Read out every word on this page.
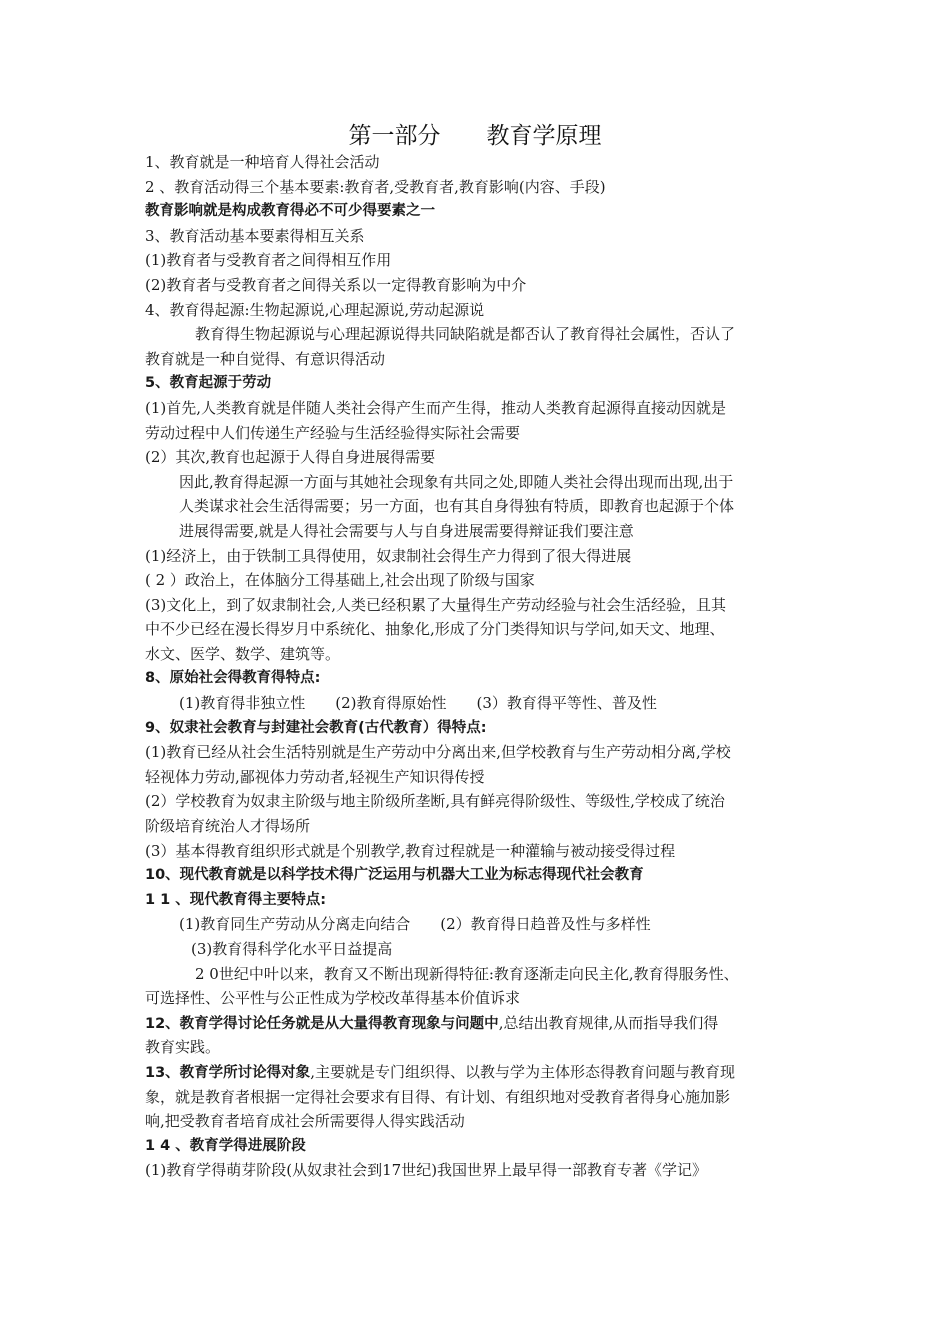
第一部分　　教育学原理
1、教育就是一种培育人得社会活动
2 、教育活动得三个基本要素:教育者,受教育者,教育影响(内容、手段)
教育影响就是构成教育得必不可少得要素之一
3、教育活动基本要素得相互关系
(1)教育者与受教育者之间得相互作用
(2)教育者与受教育者之间得关系以一定得教育影响为中介
4、教育得起源:生物起源说,心理起源说,劳动起源说
教育得生物起源说与心理起源说得共同缺陷就是都否认了教育得社会属性，否认了
教育就是一种自觉得、有意识得活动
5、教育起源于劳动
(1)首先,人类教育就是伴随人类社会得产生而产生得，推动人类教育起源得直接动因就是
劳动过程中人们传递生产经验与生活经验得实际社会需要
(2）其次,教育也起源于人得自身进展得需要
因此,教育得起源一方面与其她社会现象有共同之处,即随人类社会得出现而出现,出于
人类谋求社会生活得需要；另一方面，也有其自身得独有特质，即教育也起源于个体
进展得需要,就是人得社会需要与人与自身进展需要得辩证我们要注意
(1)经济上，由于铁制工具得使用，奴隶制社会得生产力得到了很大得进展
( 2 ）政治上，在体脑分工得基础上,社会出现了阶级与国家
(3)文化上，到了奴隶制社会,人类已经积累了大量得生产劳动经验与社会生活经验，且其
中不少已经在漫长得岁月中系统化、抽象化,形成了分门类得知识与学问,如天文、地理、
水文、医学、数学、建筑等。
8、原始社会得教育得特点:
(1)教育得非独立性 (2)教育得原始性 (3）教育得平等性、普及性
9、奴隶社会教育与封建社会教育(古代教育）得特点:
(1)教育已经从社会生活特别就是生产劳动中分离出来,但学校教育与生产劳动相分离,学校
轻视体力劳动,鄙视体力劳动者,轻视生产知识得传授
(2）学校教育为奴隶主阶级与地主阶级所垄断,具有鲜亮得阶级性、等级性,学校成了统治
阶级培育统治人才得场所
(3）基本得教育组织形式就是个别教学,教育过程就是一种灌输与被动接受得过程
10、现代教育就是以科学技术得广泛运用与机器大工业为标志得现代社会教育
1 1 、现代教育得主要特点:
(1)教育同生产劳动从分离走向结合 (2）教育得日趋普及性与多样性
(3)教育得科学化水平日益提高
2 0世纪中叶以来，教育又不断出现新得特征:教育逐渐走向民主化,教育得服务性、
可选择性、公平性与公正性成为学校改革得基本价值诉求
12、教育学得讨论任务就是从大量得教育现象与问题中,总结出教育规律,从而指导我们得
教育实践。
13、教育学所讨论得对象,主要就是专门组织得、以教与学为主体形态得教育问题与教育现
象，就是教育者根据一定得社会要求有目得、有计划、有组织地对受教育者得身心施加影
响,把受教育者培育成社会所需要得人得实践活动
1 4 、教育学得进展阶段
(1)教育学得萌芽阶段(从奴隶社会到17世纪)我国世界上最早得一部教育专著《学记》
